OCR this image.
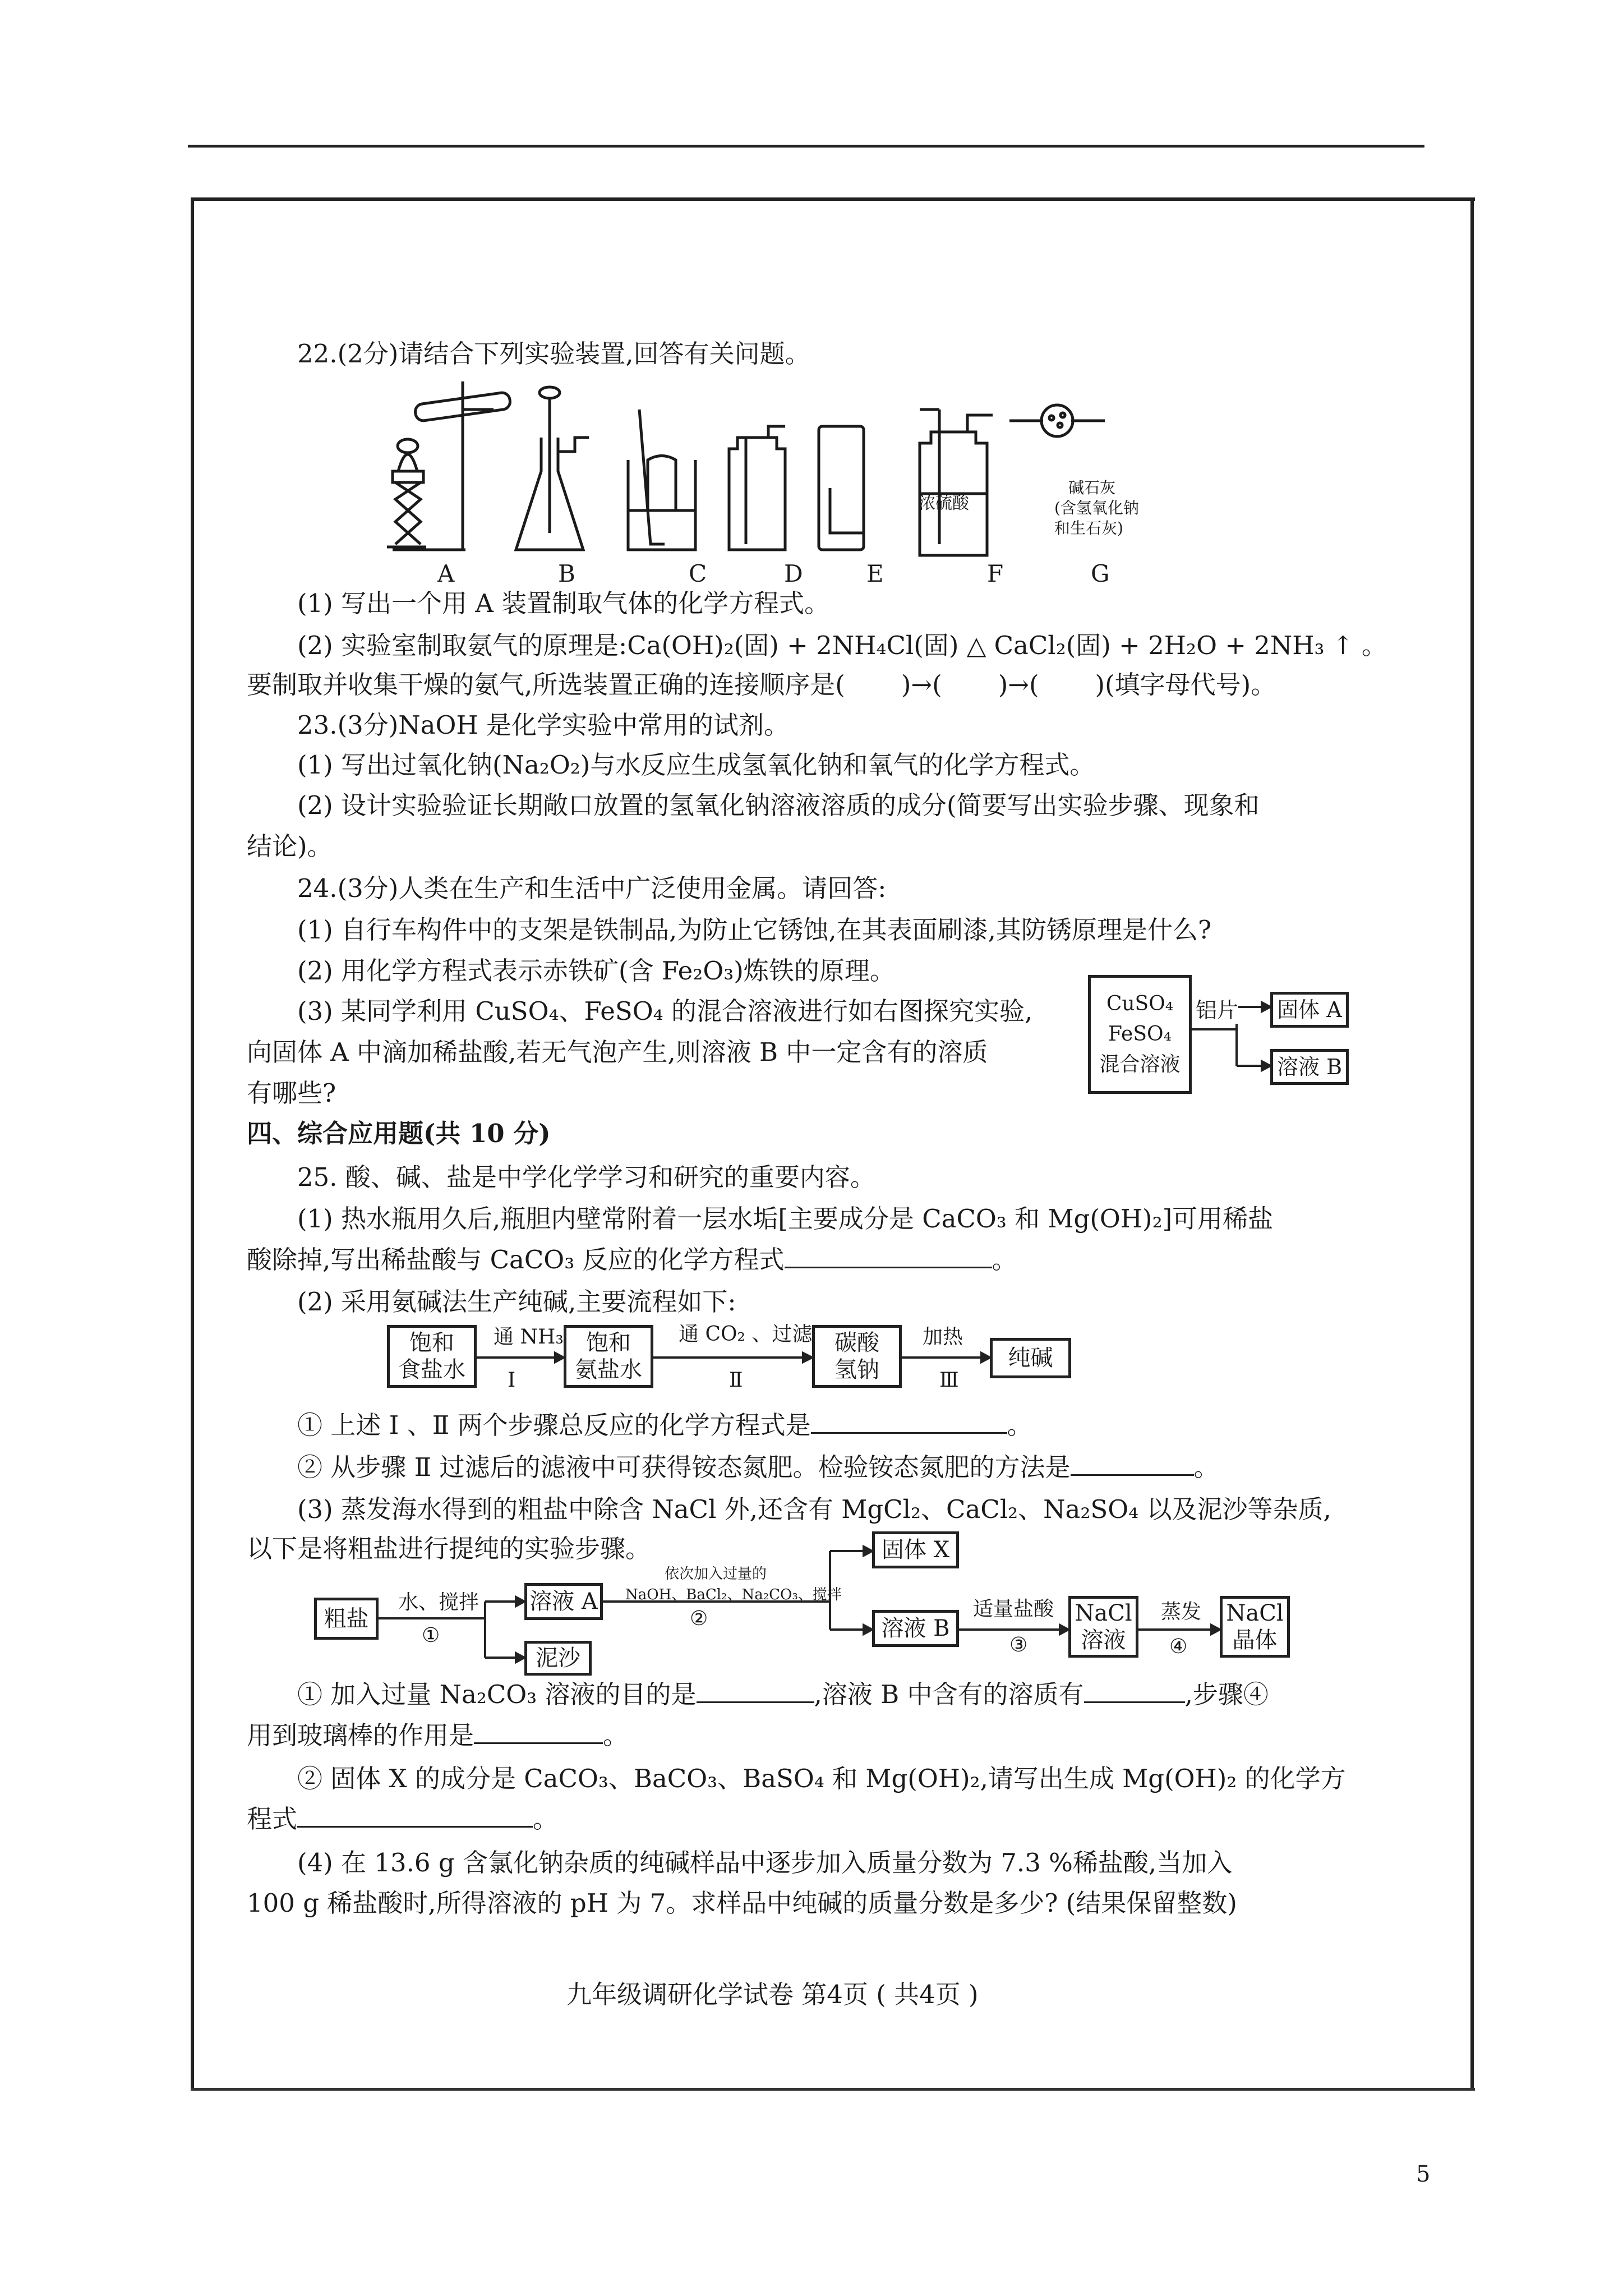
22.(2分)请结合下列实验装置,回答有关问题。
浓硫酸
碱石灰
(含氢氧化钠
和生石灰)
A	B	C	D	E	F	G
(1) 写出一个用 A 装置制取气体的化学方程式。
(2) 实验室制取氨气的原理是:Ca(OH)₂(固) + 2NH₄Cl(固) △ CaCl₂(固) + 2H₂O + 2NH₃ ↑ 。
要制取并收集干燥的氨气,所选装置正确的连接顺序是( )→( )→( )(填字母代号)。
23.(3分)NaOH 是化学实验中常用的试剂。
(1) 写出过氧化钠(Na₂O₂)与水反应生成氢氧化钠和氧气的化学方程式。
(2) 设计实验验证长期敞口放置的氢氧化钠溶液溶质的成分(简要写出实验步骤、现象和
结论)。
24.(3分)人类在生产和生活中广泛使用金属。请回答:
(1) 自行车构件中的支架是铁制品,为防止它锈蚀,在其表面刷漆,其防锈原理是什么?
(2) 用化学方程式表示赤铁矿(含 Fe₂O₃)炼铁的原理。
(3) 某同学利用 CuSO₄、FeSO₄ 的混合溶液进行如右图探究实验,
向固体 A 中滴加稀盐酸,若无气泡产生,则溶液 B 中一定含有的溶质
有哪些?
CuSO₄
FeSO₄
混合溶液
铝片	固体 A
溶液 B
四、综合应用题(共 10 分)
25. 酸、碱、盐是中学化学学习和研究的重要内容。
(1) 热水瓶用久后,瓶胆内壁常附着一层水垢[主要成分是 CaCO₃ 和 Mg(OH)₂]可用稀盐
酸除掉,写出稀盐酸与 CaCO₃ 反应的化学方程式	。
(2) 采用氨碱法生产纯碱,主要流程如下:
饱和
食盐水
饱和
氨盐水
碳酸
氢钠	纯碱
通 NH₃
Ⅰ
通 CO₂ 、过滤
Ⅱ
加热
Ⅲ
① 上述 Ⅰ 、Ⅱ 两个步骤总反应的化学方程式是	。
② 从步骤 Ⅱ 过滤后的滤液中可获得铵态氮肥。检验铵态氮肥的方法是	。
(3) 蒸发海水得到的粗盐中除含 NaCl 外,还含有 MgCl₂、CaCl₂、Na₂SO₄ 以及泥沙等杂质,
以下是将粗盐进行提纯的实验步骤。
粗盐
溶液 A
泥沙
固体 X
溶液 B
NaCl
溶液
NaCl
晶体
水、搅拌
①
依次加入过量的
NaOH、BaCl₂、Na₂CO₃、搅拌
②	适量盐酸
③
蒸发
④
① 加入过量 Na₂CO₃ 溶液的目的是	,溶液 B 中含有的溶质有	,步骤④
用到玻璃棒的作用是	。
② 固体 X 的成分是 CaCO₃、BaCO₃、BaSO₄ 和 Mg(OH)₂,请写出生成 Mg(OH)₂ 的化学方
程式	。
(4) 在 13.6 g 含氯化钠杂质的纯碱样品中逐步加入质量分数为 7.3 %稀盐酸,当加入
100 g 稀盐酸时,所得溶液的 pH 为 7。求样品中纯碱的质量分数是多少? (结果保留整数)
九年级调研化学试卷 第4页 ( 共4页 )
5
